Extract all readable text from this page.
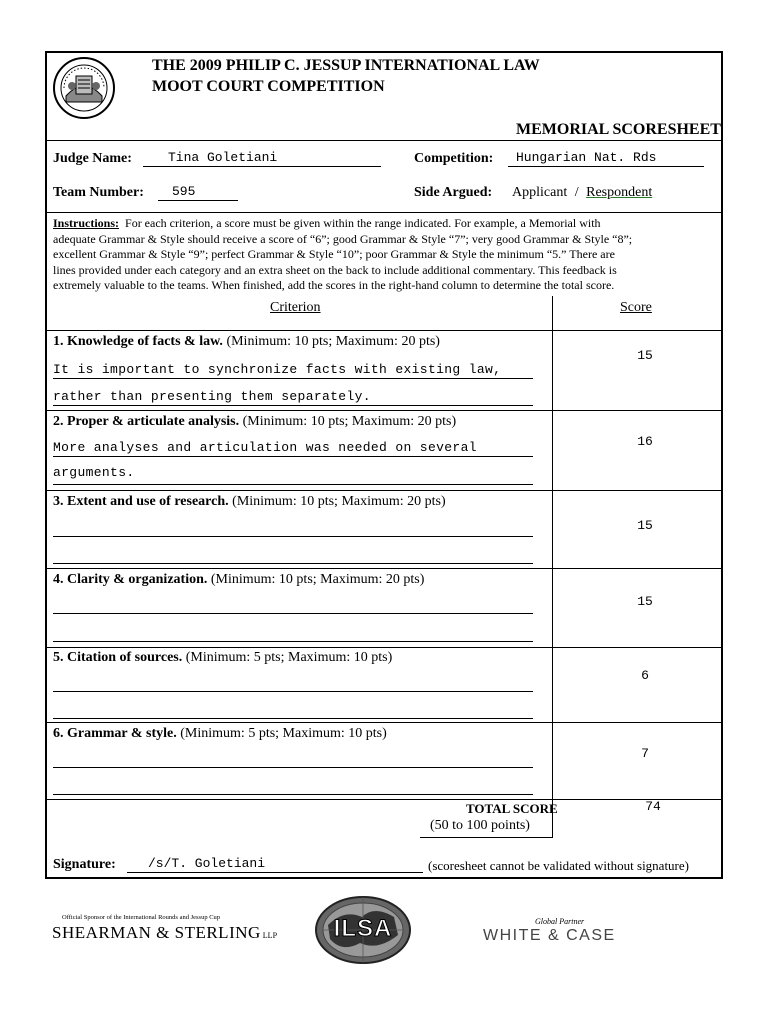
THE 2009 PHILIP C. JESSUP INTERNATIONAL LAW
MOOT COURT COMPETITION
MEMORIAL SCORESHEET
Judge Name:	Tina Goletiani	Competition: Hungarian Nat. Rds
Team Number: 595	Side Argued: Applicant / Respondent
Instructions: For each criterion, a score must be given within the range indicated. For example, a Memorial with
adequate Grammar & Style should receive a score of “6”; good Grammar & Style “7”; very good Grammar & Style “8”;
excellent Grammar & Style “9”; perfect Grammar & Style “10”; poor Grammar & Style the minimum “5.” There are
lines provided under each category and an extra sheet on the back to include additional commentary. This feedback is
extremely valuable to the teams. When finished, add the scores in the right-hand column to determine the total score.
Criterion	Score
1. Knowledge of facts & law. (Minimum: 10 pts; Maximum: 20 pts)
It is important to synchronize facts with existing law,
rather than presenting them separately.
15
2. Proper & articulate analysis. (Minimum: 10 pts; Maximum: 20 pts)
More analyses and articulation was needed on several
arguments.
16
3. Extent and use of research. (Minimum: 10 pts; Maximum: 20 pts)
15
4. Clarity & organization. (Minimum: 10 pts; Maximum: 20 pts)
15
5. Citation of sources. (Minimum: 5 pts; Maximum: 10 pts)
6
6. Grammar & style. (Minimum: 5 pts; Maximum: 10 pts)
7
TOTAL SCORE
(50 to 100 points)
74
Signature: /s/T. Goletiani	(scoresheet cannot be validated without signature)
Official Sponsor of the International Rounds and Jessup Cup
SHEARMAN & STERLING LLP	ILSA	Global Partner
WHITE & CASE
